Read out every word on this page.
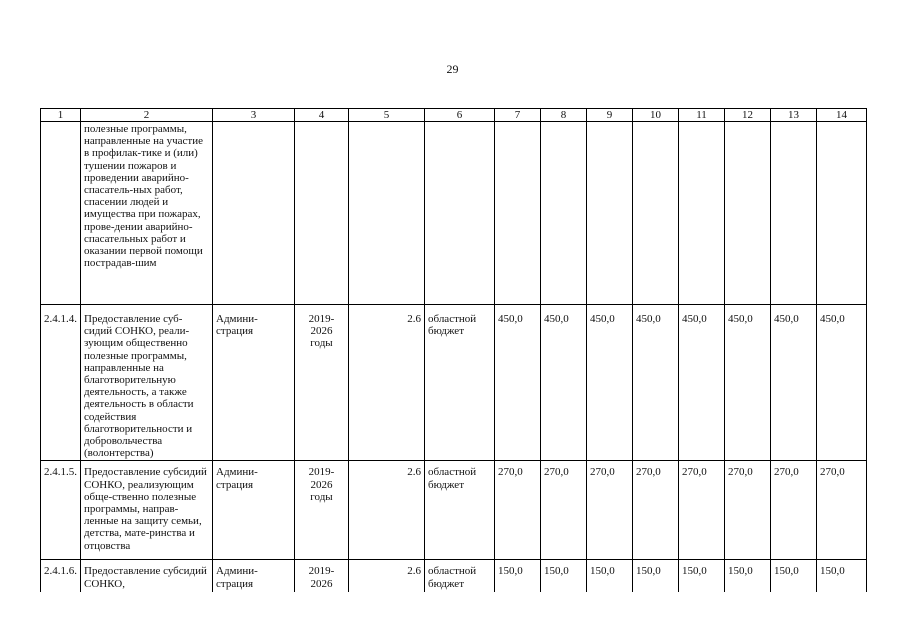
29
1	2	3	4	5	6	7	8	9	10	11	12	13	14
	полезные программы, направленные на участие в профилак-тике и (или) тушении пожаров и проведении аварийно-спасатель-ных работ, спасении людей и имущества при пожарах, прове-дении аварийно-спасательных работ и оказании первой помощи пострадав-шим												
2.4.1.4.	Предоставление суб-сидий СОНКО, реали-зующим общественно полезные программы, направленные на благотворительную деятельность, а также деятельность в области содействия благотворительности и добровольчества (волонтерства)	Админи-страция	2019-2026 годы	2.6	областной бюджет	450,0	450,0	450,0	450,0	450,0	450,0	450,0	450,0
2.4.1.5.	Предоставление субсидий СОНКО, реализующим обще-ственно полезные программы, направ-ленные на защиту семьи, детства, мате-ринства и отцовства	Админи-страция	2019-2026 годы	2.6	областной бюджет	270,0	270,0	270,0	270,0	270,0	270,0	270,0	270,0
2.4.1.6.	Предоставление субсидий СОНКО,	Админи-страция	2019-2026	2.6	областной бюджет	150,0	150,0	150,0	150,0	150,0	150,0	150,0	150,0
